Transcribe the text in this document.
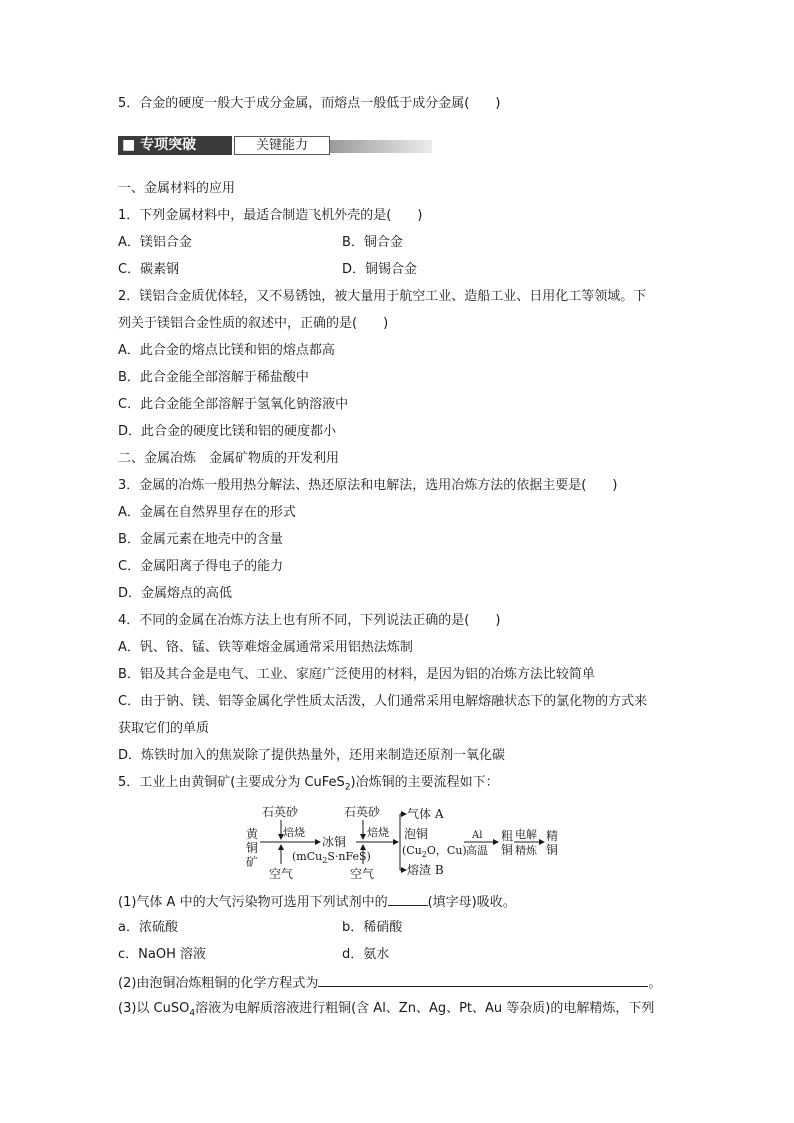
5．合金的硬度一般大于成分金属，而熔点一般低于成分金属(　　)
■ 专项突破	关键能力
一、金属材料的应用
1．下列金属材料中，最适合制造飞机外壳的是(　　)
A．镁铝合金	B．铜合金
C．碳素钢	D．铜锡合金
2．镁铝合金质优体轻，又不易锈蚀，被大量用于航空工业、造船工业、日用化工等领域。下
列关于镁铝合金性质的叙述中，正确的是(　　)
A．此合金的熔点比镁和铝的熔点都高
B．此合金能全部溶解于稀盐酸中
C．此合金能全部溶解于氢氧化钠溶液中
D．此合金的硬度比镁和铝的硬度都小
二、金属冶炼　金属矿物质的开发利用
3．金属的冶炼一般用热分解法、热还原法和电解法，选用冶炼方法的依据主要是(　　)
A．金属在自然界里存在的形式
B．金属元素在地壳中的含量
C．金属阳离子得电子的能力
D．金属熔点的高低
4．不同的金属在冶炼方法上也有所不同，下列说法正确的是(　　)
A．钒、铬、锰、铁等难熔金属通常采用铝热法炼制
B．铝及其合金是电气、工业、家庭广泛使用的材料，是因为铝的冶炼方法比较简单
C．由于钠、镁、铝等金属化学性质太活泼，人们通常采用电解熔融状态下的氯化物的方式来
获取它们的单质
D．炼铁时加入的焦炭除了提供热量外，还用来制造还原剂一氧化碳
5．工业上由黄铜矿(主要成分为 CuFeS$_2$)冶炼铜的主要流程如下：
黄
铜
矿
石英砂
焙烧
空气
冰铜
(mCu$_2$S·nFeS)
石英砂
焙烧
空气
气体 A
泡铜
($Cu_2O$，Cu)
熔渣 B
Al
高温
粗
铜
电解
精炼
精
铜
(1)气体 A 中的大气污染物可选用下列试剂中的	(填字母)吸收。
a．浓硫酸	b．稀硝酸
c．NaOH 溶液	d．氨水
(2)由泡铜冶炼粗铜的化学方程式为	。
(3)以 CuSO$_4$溶液为电解质溶液进行粗铜(含 Al、Zn、Ag、Pt、Au 等杂质)的电解精炼，下列
